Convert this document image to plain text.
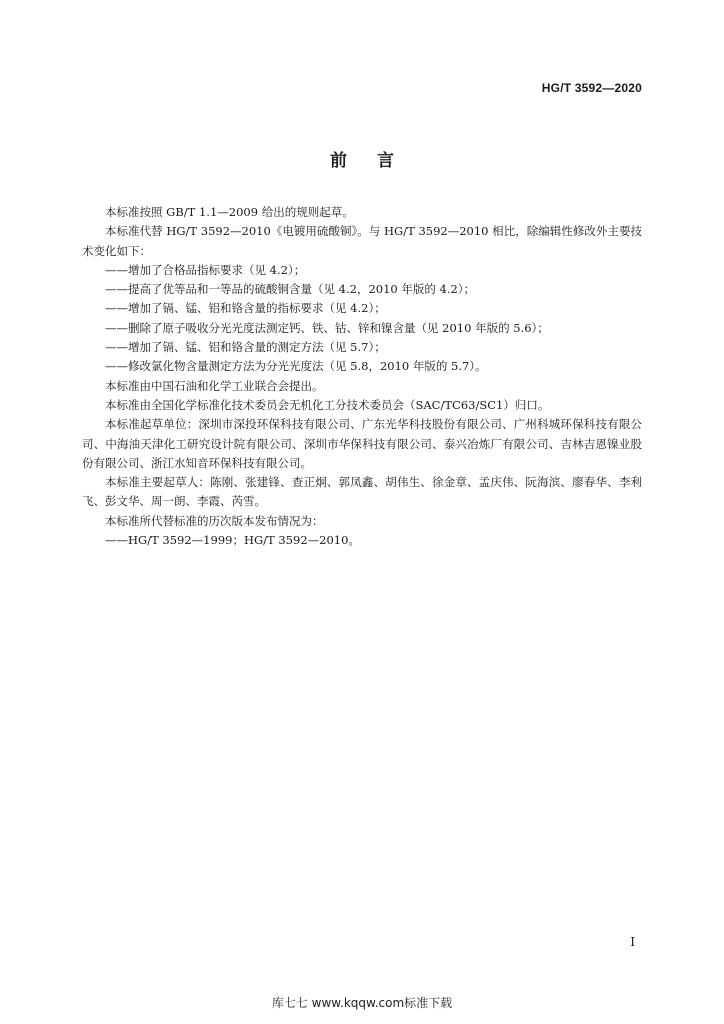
HG/T 3592—2020
前言

本标准按照 GB/T 1.1—2009 给出的规则起草。

本标准代替 HG/T 3592—2010《电镀用硫酸铜》。与 HG/T 3592—2010 相比，除编辑性修改外主要技术变化如下：

——增加了合格品指标要求（见 4.2）；

——提高了优等品和一等品的硫酸铜含量（见 4.2，2010 年版的 4.2）；

——增加了镉、锰、铝和铬含量的指标要求（见 4.2）；

——删除了原子吸收分光光度法测定钙、铁、钴、锌和镍含量（见 2010 年版的 5.6）；

——增加了镉、锰、铝和铬含量的测定方法（见 5.7）；

——修改氯化物含量测定方法为分光光度法（见 5.8，2010 年版的 5.7）。

本标准由中国石油和化学工业联合会提出。

本标准由全国化学标准化技术委员会无机化工分技术委员会（SAC/TC63/SC1）归口。

本标准起草单位：深圳市深投环保科技有限公司、广东光华科技股份有限公司、广州科城环保科技有限公司、中海油天津化工研究设计院有限公司、深圳市华保科技有限公司、泰兴冶炼厂有限公司、吉林吉恩镍业股份有限公司、浙江水知音环保科技有限公司。

本标准主要起草人：陈刚、张建锋、查正炯、郭凤鑫、胡伟生、徐金章、孟庆伟、阮海滨、廖春华、李利飞、彭文华、周一朗、李霞、芮雪。

本标准所代替标准的历次版本发布情况为：

——HG/T 3592—1999；HG/T 3592—2010。

I
库七七 www.kqqw.com标准下载
